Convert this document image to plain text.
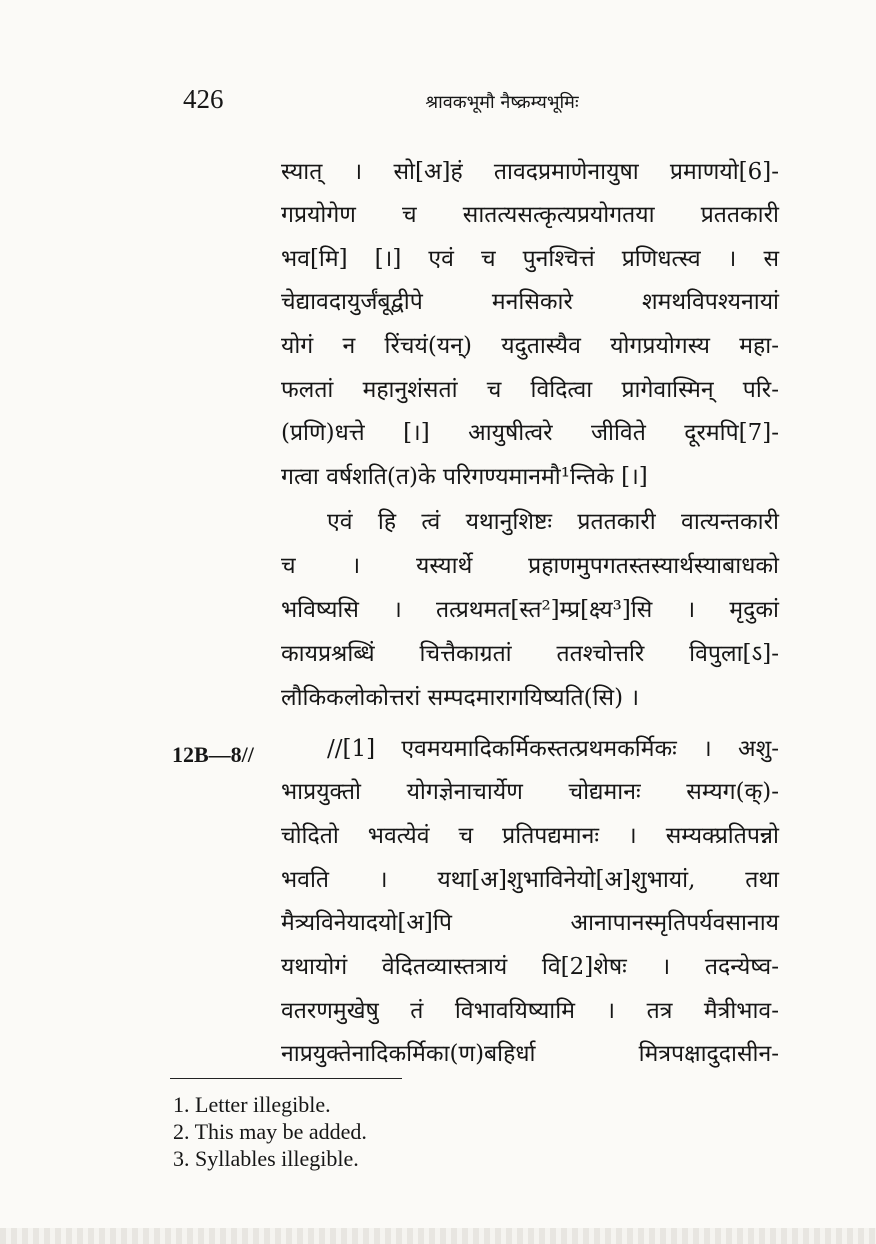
426	श्रावकभूमौ नैष्क्रम्यभूमिः
12B—8//
स्यात् । सो[अ]हं तावदप्रमाणेनायुषा प्रमाणयो[6]-
गप्रयोगेण च सातत्यसत्कृत्यप्रयोगतया प्रततकारी
भव[मि] [।] एवं च पुनश्चित्तं प्रणिधत्स्व । स
चेद्यावदायुर्जंबूद्वीपे मनसिकारे शमथविपश्यनायां
योगं न रिंचयं(यन्) यदुतास्यैव योगप्रयोगस्य महा-
फलतां महानुशंसतां च विदित्वा प्रागेवास्मिन् परि-
(प्रणि)धत्ते [।] आयुषीत्वरे जीविते दूरमपि[7]-
गत्वा वर्षशति(त)के परिगण्यमानमौ¹न्तिके [।]
एवं हि त्वं यथानुशिष्टः प्रततकारी वात्यन्तकारी
च । यस्यार्थे प्रहाणमुपगतस्तस्यार्थस्याबाधको
भविष्यसि । तत्प्रथमत[स्त²]म्प्र[क्ष्य³]सि । मृदुकां
कायप्रश्रब्धिं चित्तैकाग्रतां ततश्चोत्तरि विपुला[ऽ]-
लौकिकलोकोत्तरां सम्पदमारागयिष्यति(सि) ।
//[1] एवमयमादिकर्मिकस्तत्प्रथमकर्मिकः । अशु-
भाप्रयुक्तो योगज्ञेनाचार्येण चोद्यमानः सम्यग(क्)-
चोदितो भवत्येवं च प्रतिपद्यमानः । सम्यक्प्रतिपन्नो
भवति । यथा[अ]शुभाविनेयो[अ]शुभायां, तथा
मैत्र्यविनेयादयो[अ]पि आनापानस्मृतिपर्यवसानाय
यथायोगं वेदितव्यास्तत्रायं वि[2]शेषः । तदन्येष्व-
वतरणमुखेषु तं विभावयिष्यामि । तत्र मैत्रीभाव-
नाप्रयुक्तेनादिकर्मिका(ण)बहिर्धा मित्रपक्षादुदासीन-
1. Letter illegible.
2. This may be added.
3. Syllables illegible.
